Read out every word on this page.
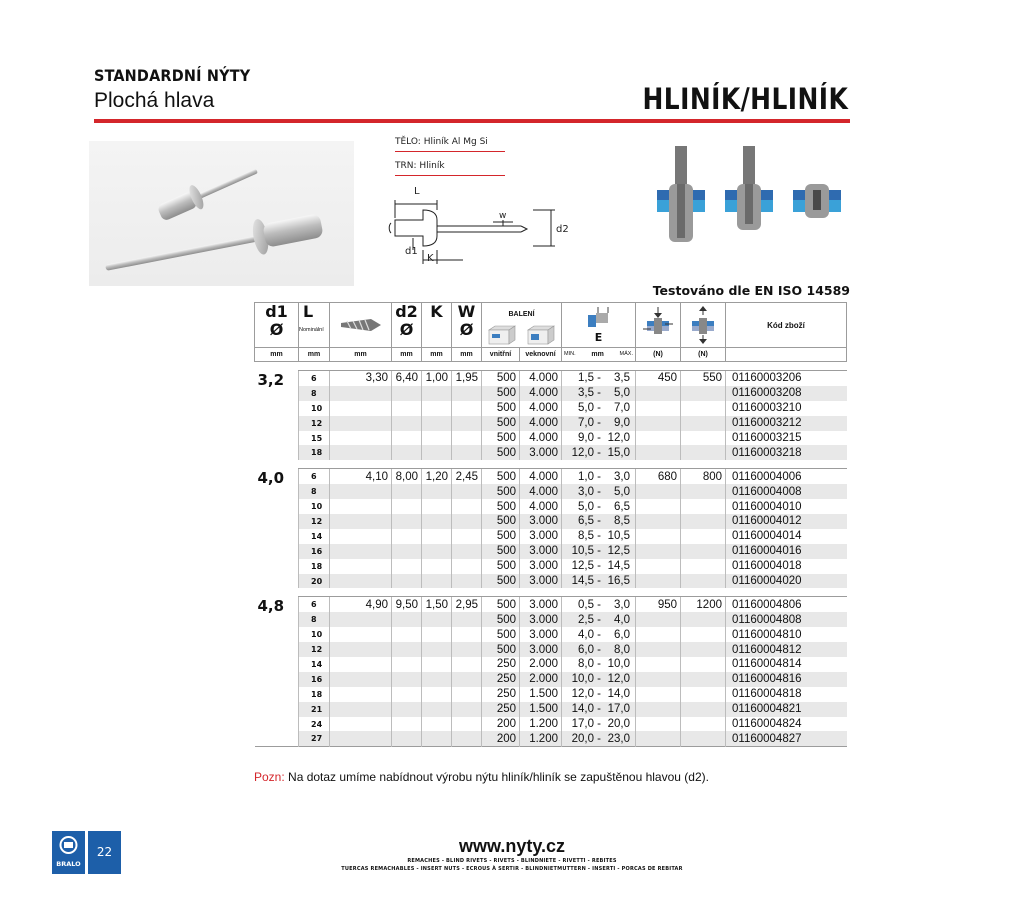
STANDARDNÍ NÝTY
Plochá hlava	HLINÍK/HLINÍK
TĚLO: Hliník Al Mg Si
TRN: Hliník
L
w
d2
d1
K
Testováno dle EN ISO 14589
d1
Ø	L
Nominální		d2
Ø	K	W
Ø	BALENÍ		E			Kód zboží
mm	mm	mm	mm	mm	mm	vnitřní	veknovní	MIN. mm MÁX.	(N)	(N)	

3,2	6	3,30	6,40	1,00	1,95	500	4.000	1,5 - 3,5	450	550	01160003206
	8					500	4.000	3,5 - 5,0			01160003208
	10					500	4.000	5,0 - 7,0			01160003210
	12					500	4.000	7,0 - 9,0			01160003212
	15					500	4.000	9,0 - 12,0			01160003215
	18					500	3.000	12,0 - 15,0			01160003218

4,0	6	4,10	8,00	1,20	2,45	500	4.000	1,0 - 3,0	680	800	01160004006
	8					500	4.000	3,0 - 5,0			01160004008
	10					500	4.000	5,0 - 6,5			01160004010
	12					500	3.000	6,5 - 8,5			01160004012
	14					500	3.000	8,5 - 10,5			01160004014
	16					500	3.000	10,5 - 12,5			01160004016
	18					500	3.000	12,5 - 14,5			01160004018
	20					500	3.000	14,5 - 16,5			01160004020

4,8	6	4,90	9,50	1,50	2,95	500	3.000	0,5 - 3,0	950	1200	01160004806
	8					500	3.000	2,5 - 4,0			01160004808
	10					500	3.000	4,0 - 6,0			01160004810
	12					500	3.000	6,0 - 8,0			01160004812
	14					250	2.000	8,0 - 10,0			01160004814
	16					250	2.000	10,0 - 12,0			01160004816
	18					250	1.500	12,0 - 14,0			01160004818
	21					250	1.500	14,0 - 17,0			01160004821
	24					200	1.200	17,0 - 20,0			01160004824
	27					200	1.200	20,0 - 23,0			01160004827

Pozn: Na dotaz umíme nabídnout výrobu nýtu hliník/hliník se zapuštěnou hlavou (d2).
BRALO
22	www.nyty.cz
REMACHES - BLIND RIVETS - RIVETS - BLINDNIETE - RIVETTI - REBITES
TUERCAS REMACHABLES - INSERT NUTS - ECROUS À SERTIR - BLINDNIETMUTTERN - INSERTI - PORCAS DE REBITAR
